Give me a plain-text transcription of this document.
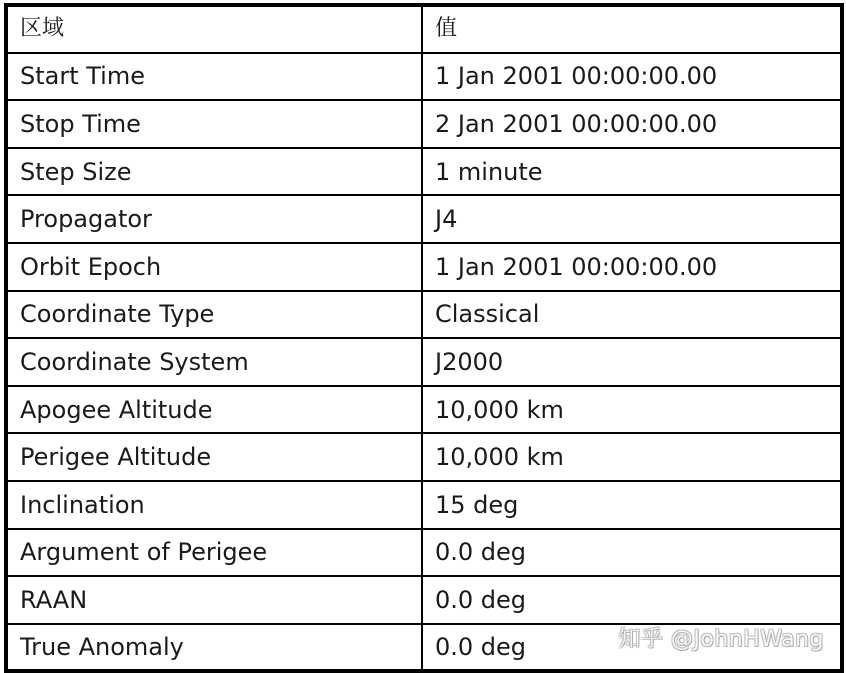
区域	值
Start Time	1 Jan 2001 00:00:00.00
Stop Time	2 Jan 2001 00:00:00.00
Step Size	1 minute
Propagator	J4
Orbit Epoch	1 Jan 2001 00:00:00.00
Coordinate Type	Classical
Coordinate System	J2000
Apogee Altitude	10,000 km
Perigee Altitude	10,000 km
Inclination	15 deg
Argument of Perigee	0.0 deg
RAAN	0.0 deg
True Anomaly	0.0 deg	知乎 @JohnHWang
